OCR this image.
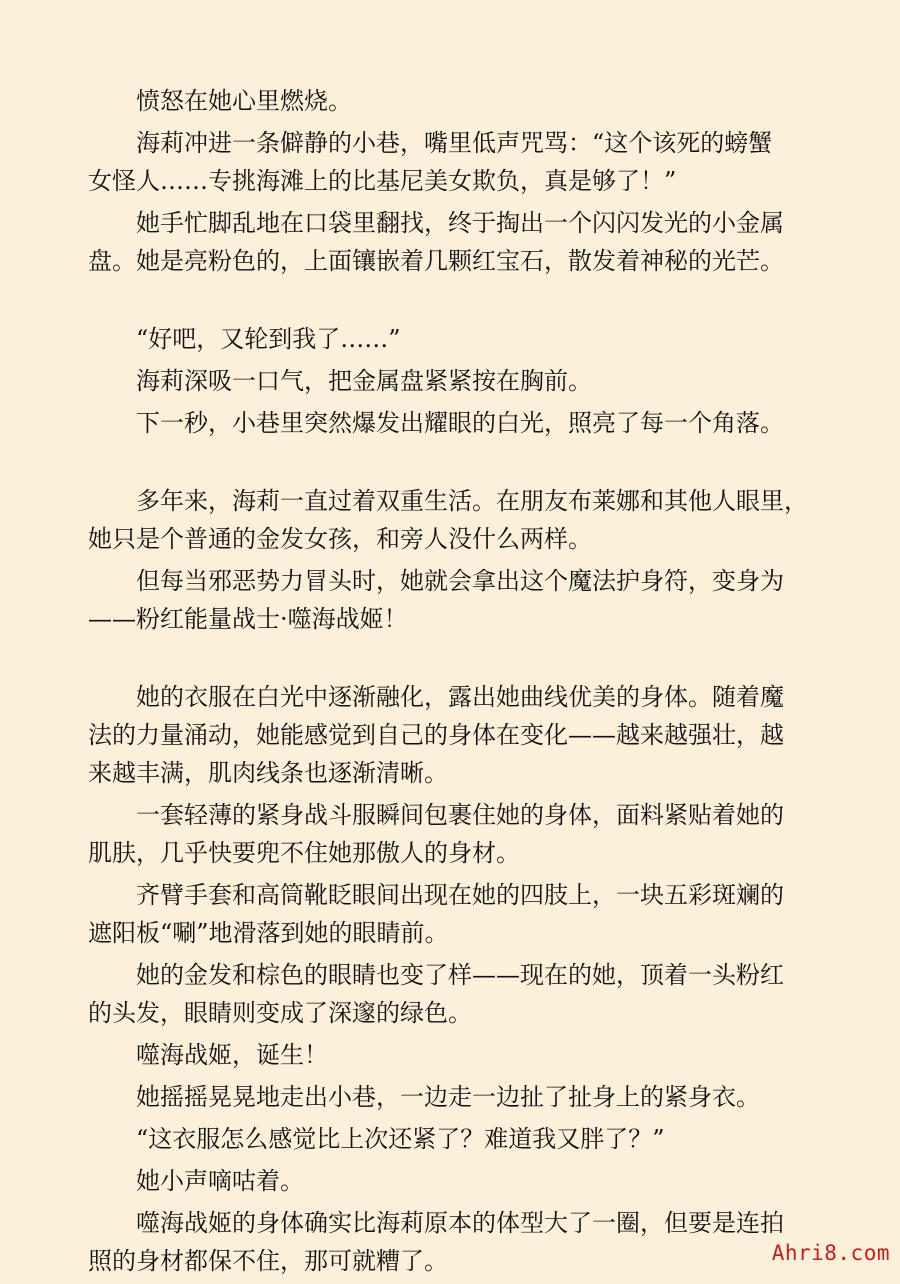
愤怒在她心里燃烧。

海莉冲进一条僻静的小巷，嘴里低声咒骂：“这个该死的螃蟹
女怪人……专挑海滩上的比基尼美女欺负，真是够了！”

她手忙脚乱地在口袋里翻找，终于掏出一个闪闪发光的小金属
盘。她是亮粉色的，上面镶嵌着几颗红宝石，散发着神秘的光芒。

“好吧，又轮到我了……”

海莉深吸一口气，把金属盘紧紧按在胸前。

下一秒，小巷里突然爆发出耀眼的白光，照亮了每一个角落。

多年来，海莉一直过着双重生活。在朋友布莱娜和其他人眼里，
她只是个普通的金发女孩，和旁人没什么两样。

但每当邪恶势力冒头时，她就会拿出这个魔法护身符，变身为
——粉红能量战士·噬海战姬！

她的衣服在白光中逐渐融化，露出她曲线优美的身体。随着魔
法的力量涌动，她能感觉到自己的身体在变化——越来越强壮，越
来越丰满，肌肉线条也逐渐清晰。

一套轻薄的紧身战斗服瞬间包裹住她的身体，面料紧贴着她的
肌肤，几乎快要兜不住她那傲人的身材。

齐臂手套和高筒靴眨眼间出现在她的四肢上，一块五彩斑斓的
遮阳板“唰”地滑落到她的眼睛前。

她的金发和棕色的眼睛也变了样——现在的她，顶着一头粉红
的头发，眼睛则变成了深邃的绿色。

噬海战姬，诞生！

她摇摇晃晃地走出小巷，一边走一边扯了扯身上的紧身衣。

“这衣服怎么感觉比上次还紧了？难道我又胖了？”

她小声嘀咕着。

噬海战姬的身体确实比海莉原本的体型大了一圈，但要是连拍
照的身材都保不住，那可就糟了。	Ahri8.com
